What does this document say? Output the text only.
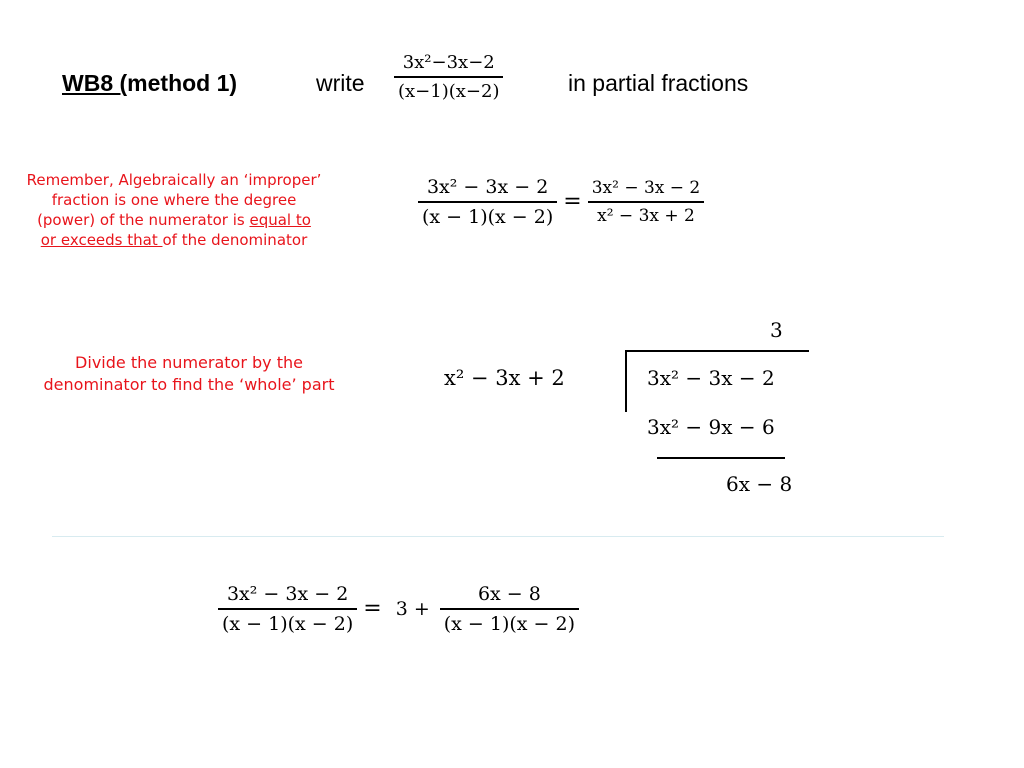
WB8 (method 1)	write $\frac{\text{3x²−3x−2}}{(x-1)(x-2)}$	in partial fractions
Remember, Algebraically an ‘improper’
fraction is one where the degree
(power) of the numerator is equal to
or exceeds that of the denominator
$\frac{\text{3x² − 3x − 2}}{(x - 1)(x - 2)} = \frac{\text{3x² − 3x − 2}}{\text{x² − 3x + 2}}$
Divide the numerator by the
denominator to find the ‘whole’ part
3
x² − 3x + 2	3x² − 3x − 2
3x² − 9x − 6
6x − 8
$\frac{\text{3x² − 3x − 2}}{(x - 1)(x - 2)} = 3 + \frac{6x - 8}{(x - 1)(x - 2)}$
